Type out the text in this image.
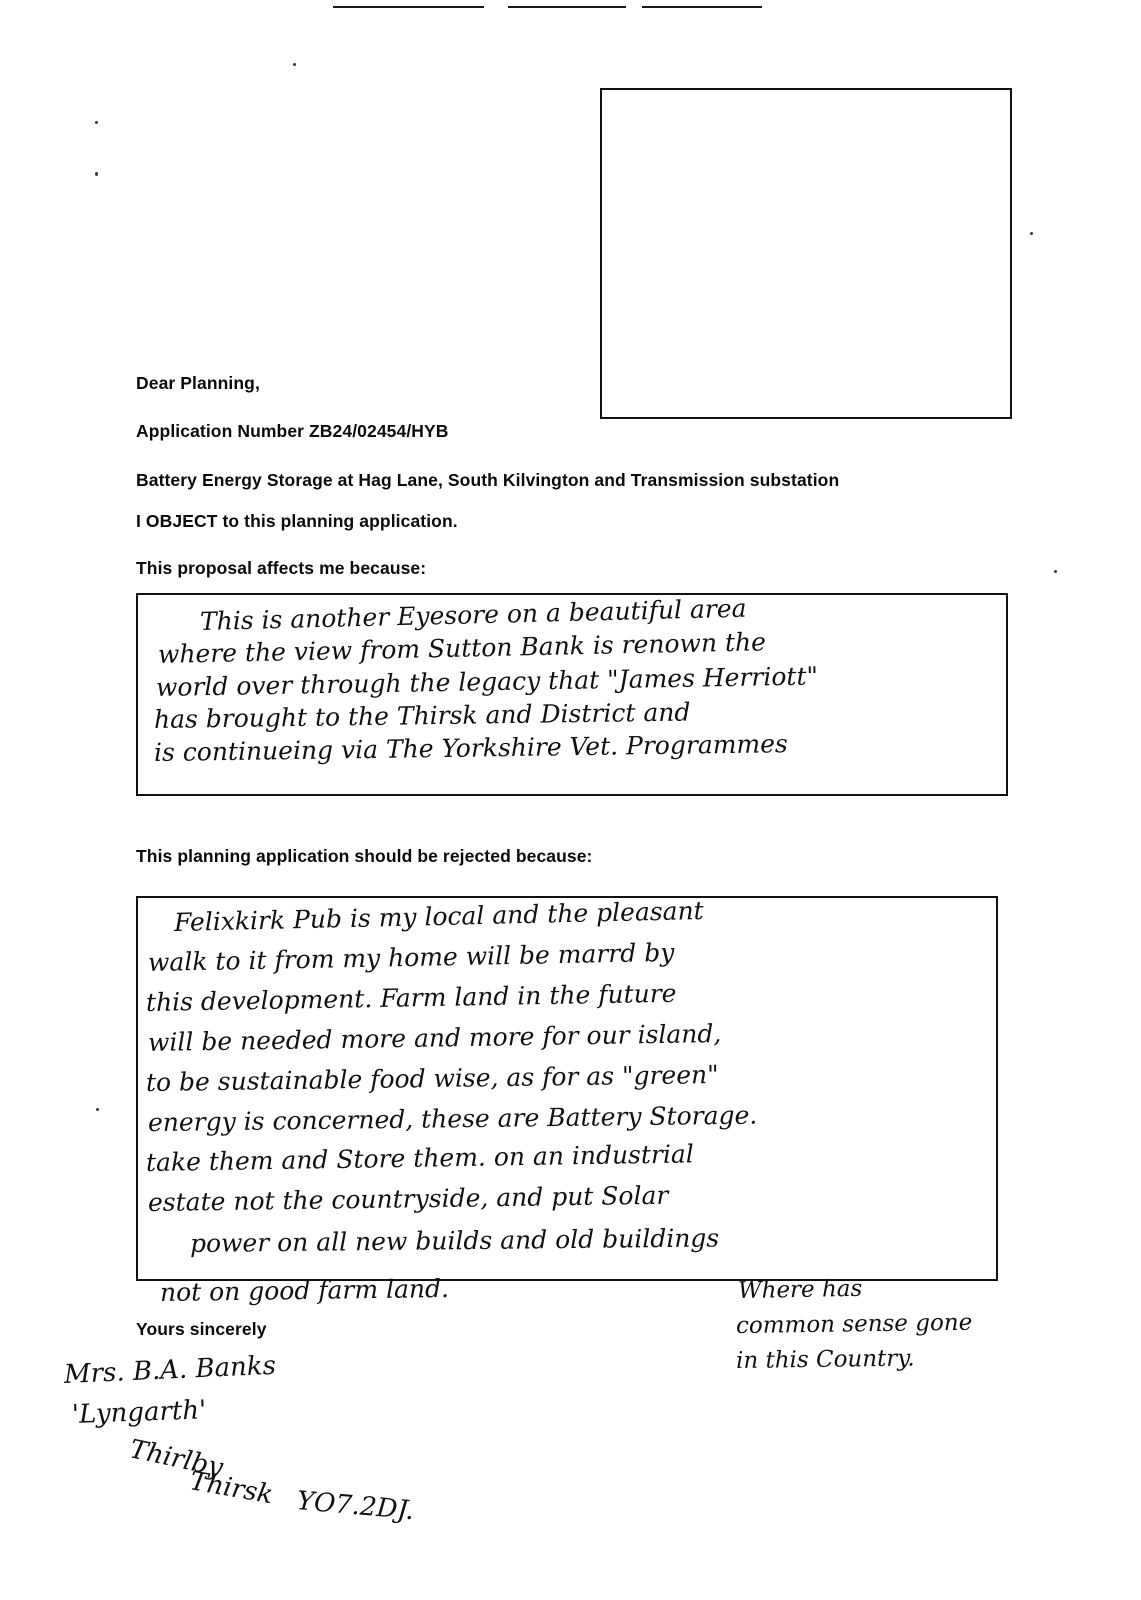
Dear Planning,
Application Number ZB24/02454/HYB
Battery Energy Storage at Hag Lane, South Kilvington and Transmission substation
I OBJECT to this planning application.
This proposal affects me because:
This is another Eyesore on a beautiful area
where the view from Sutton Bank is renown the
world over through the legacy that "James Herriott"
has brought to the Thirsk and District and
is continueing via The Yorkshire Vet. Programmes
This planning application should be rejected because:
Felixkirk Pub is my local and the pleasant
walk to it from my home will be marrd by
this development. Farm land in the future
will be needed more and more for our island,
to be sustainable food wise, as for as "green"
energy is concerned, these are Battery Storage.
take them and Store them. on an industrial
estate not the countryside, and put Solar
power on all new builds and old buildings
not on good farm land.	Where has
common sense gone
in this Country.
Yours sincerely
Mrs. B.A. Banks
'Lyngarth'
Thirlby
Thirsk YO7.2DJ.
